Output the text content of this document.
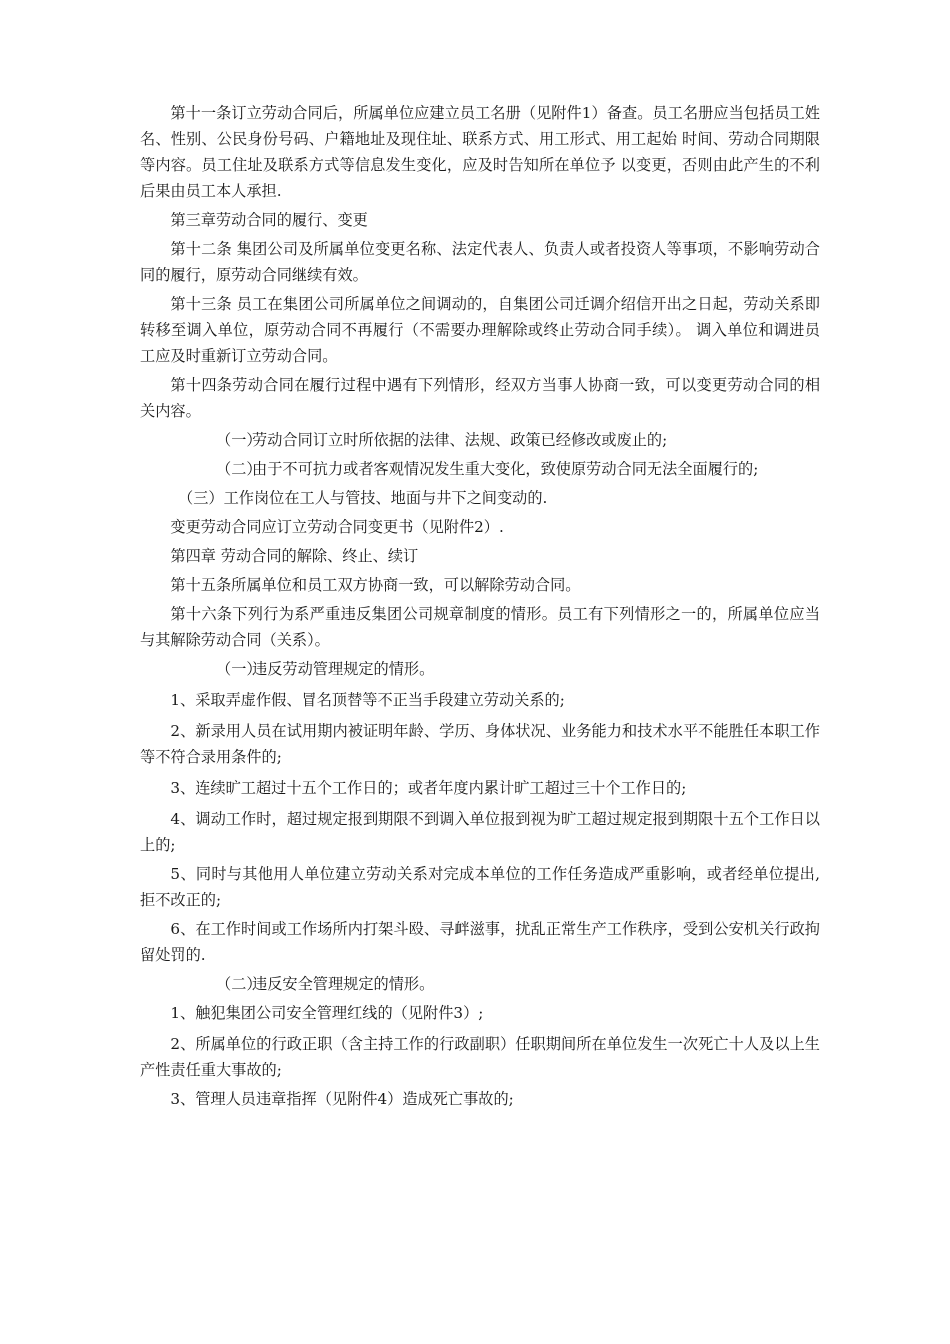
第十一条订立劳动合同后，所属单位应建立员工名册（见附件1）备查。员工名册应当包括员工姓名、性别、公民身份号码、户籍地址及现住址、联系方式、用工形式、用工起始 时间、劳动合同期限等内容。员工住址及联系方式等信息发生变化，应及时告知所在单位予 以变更，否则由此产生的不利后果由员工本人承担.

第三章劳动合同的履行、变更

第十二条 集团公司及所属单位变更名称、法定代表人、负责人或者投资人等事项，不影响劳动合同的履行，原劳动合同继续有效。

第十三条 员工在集团公司所属单位之间调动的，自集团公司迁调介绍信开出之日起，劳动关系即转移至调入单位，原劳动合同不再履行（不需要办理解除或终止劳动合同手续）。 调入单位和调进员工应及时重新订立劳动合同。

第十四条劳动合同在履行过程中遇有下列情形，经双方当事人协商一致，可以变更劳动合同的相关内容。

（一）劳动合同订立时所依据的法律、法规、政策已经修改或废止的;

（二）由于不可抗力或者客观情况发生重大变化，致使原劳动合同无法全面履行的;

（三）工作岗位在工人与管技、地面与井下之间变动的.

变更劳动合同应订立劳动合同变更书（见附件2）.

第四章 劳动合同的解除、终止、续订

第十五条所属单位和员工双方协商一致，可以解除劳动合同。

第十六条下列行为系严重违反集团公司规章制度的情形。员工有下列情形之一的，所属单位应当与其解除劳动合同（关系）。

（一）违反劳动管理规定的情形。

1、采取弄虚作假、冒名顶替等不正当手段建立劳动关系的;

2、新录用人员在试用期内被证明年龄、学历、身体状况、业务能力和技术水平不能胜任本职工作等不符合录用条件的;

3、连续旷工超过十五个工作日的；或者年度内累计旷工超过三十个工作日的;

4、调动工作时，超过规定报到期限不到调入单位报到视为旷工超过规定报到期限十五个工作日以上的;

5、同时与其他用人单位建立劳动关系对完成本单位的工作任务造成严重影响，或者经单位提出,拒不改正的;

6、在工作时间或工作场所内打架斗殴、寻衅滋事，扰乱正常生产工作秩序，受到公安机关行政拘留处罚的.

（二）违反安全管理规定的情形。

1、触犯集团公司安全管理红线的（见附件3）;

2、所属单位的行政正职（含主持工作的行政副职）任职期间所在单位发生一次死亡十人及以上生产性责任重大事故的;

3、管理人员违章指挥（见附件4）造成死亡事故的;
